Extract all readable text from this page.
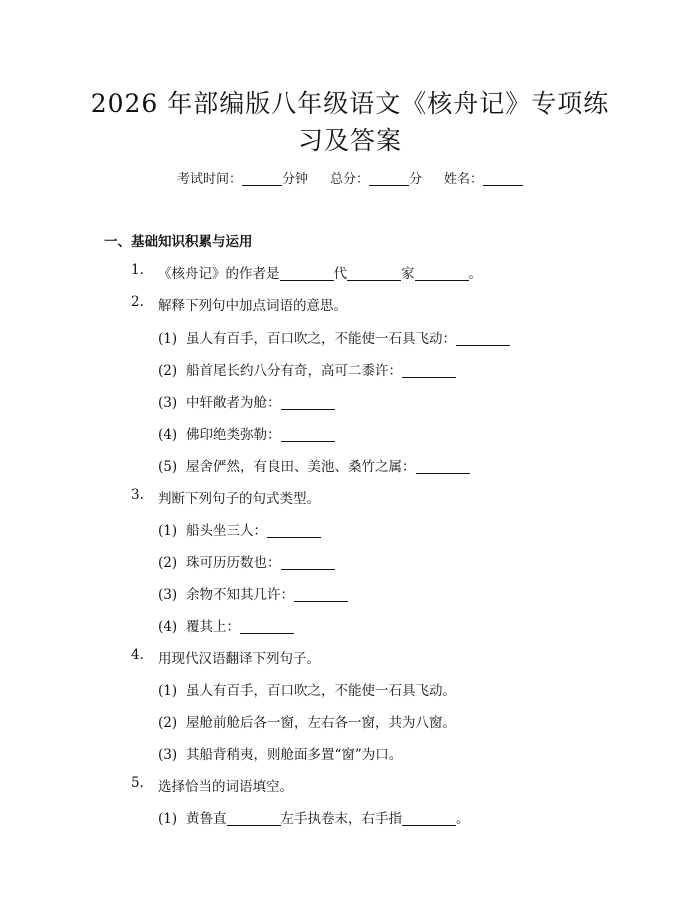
2026 年部编版八年级语文《核舟记》专项练
习及答案
考试时间：	分钟 总分：	分 姓名：
一、基础知识积累与运用
1. 《核舟记》的作者是	代	家	。
2. 解释下列句中加点词语的意思。
(1) 虽人有百手，百口吹之，不能使一石具飞动：
(2) 船首尾长约八分有奇，高可二黍许：
(3) 中轩敞者为舱：
(4) 佛印绝类弥勒：
(5) 屋舍俨然，有良田、美池、桑竹之属：
3. 判断下列句子的句式类型。
(1) 船头坐三人：
(2) 珠可历历数也：
(3) 余物不知其几许：
(4) 覆其上：
4. 用现代汉语翻译下列句子。
(1) 虽人有百手，百口吹之，不能使一石具飞动。
(2) 屋舱前舱后各一窗，左右各一窗，共为八窗。
(3) 其船背稍夷，则舱面多置“窗”为口。
5. 选择恰当的词语填空。
(1) 黄鲁直	左手执卷末，右手指	。
